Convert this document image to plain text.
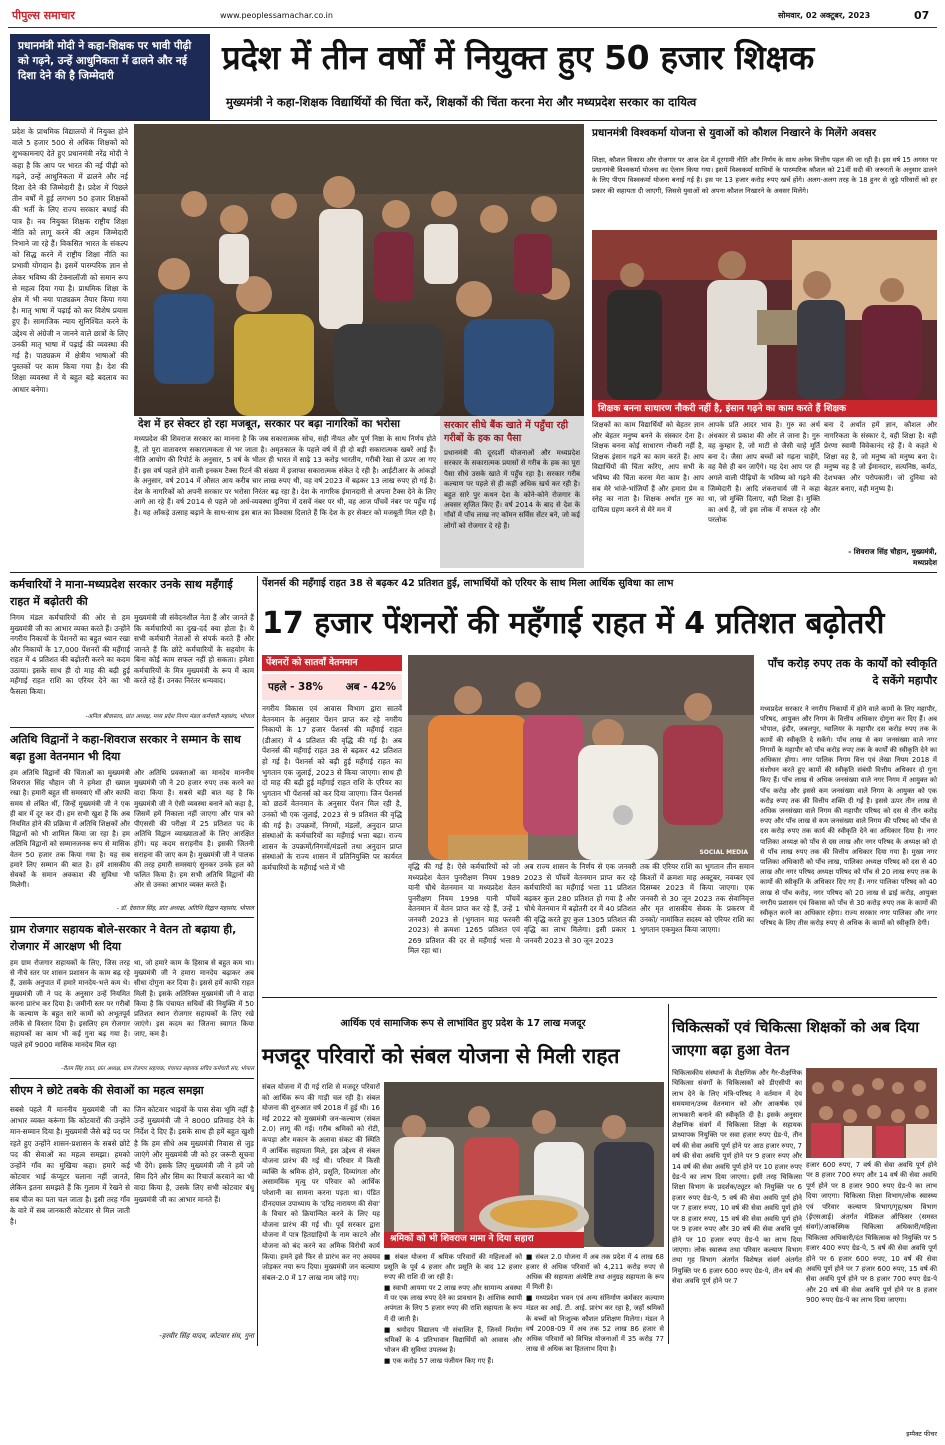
पीपुल्स समाचार	www.peoplessamachar.co.in	सोमवार, 02 अक्टूबर, 2023	07
प्रधानमंत्री मोदी ने कहा-शिक्षक पर भावी पीढ़ी को गढ़ने, उन्हें आधुनिकता में ढालने और नई दिशा देने की है जिम्मेदारी	प्रदेश में तीन वर्षों में नियुक्त हुए 50 हजार शिक्षक
मुख्यमंत्री ने कहा-शिक्षक विद्यार्थियों की चिंता करें, शिक्षकों की चिंता करना मेरा और मध्यप्रदेश सरकार का दायित्व

प्रदेश के प्राथमिक विद्यालयों में नियुक्त होने वाले 5 हजार 500 से अधिक शिक्षकों को शुभकामनाएं देते हुए प्रधानमंत्री नरेंद्र मोदी ने कहा है कि आप पर भारत की नई पीढ़ी को गढ़ने, उन्हें आधुनिकता में ढालने और नई दिशा देने की जिम्मेदारी है। प्रदेश में पिछले तीन वर्षों में हुई लगभग 50 हजार शिक्षकों की भर्ती के लिए राज्य सरकार बधाई की पात्र है। नव नियुक्त शिक्षक राष्ट्रीय शिक्षा नीति को लागू करने की अहम जिम्मेदारी निभाने जा रहे हैं। विकसित भारत के संकल्प को सिद्ध करने में राष्ट्रीय शिक्षा नीति का प्रभावी योगदान है। इसमें पारम्परिक ज्ञान से लेकर भविष्य की टेक्नालॉजी को समान रूप से महत्व दिया गया है। प्राथमिक शिक्षा के क्षेत्र में भी नया पाठ्यक्रम तैयार किया गया है। मातृ भाषा में पढ़ाई को कर विशेष प्रयास हुए हैं। सामाजिक न्याय सुनिश्चित करने के उद्देश्य से अंग्रेजी न जानने वाले छात्रों के लिए उनकी मातृ भाषा में पढ़ाई की व्यवस्था की गई है। पाठ्यक्रम में क्षेत्रीय भाषाओं की पुस्तकों पर काम किया गया है। देश की शिक्षा व्यवस्था में ये बहुत बड़े बदलाव का आधार बनेगा।

देश में हर सेक्टर हो रहा मजबूत, सरकार पर बढ़ा नागरिकों का भरोसा

मध्यप्रदेश की शिवराज सरकार का मानना है कि जब सकारात्मक सोच, सही नीयत और पूर्ण निष्ठा के साथ निर्णय होते हैं, तो पूरा वातावरण सकारात्मकता से भर जाता है। अमृतकाल के पहले वर्ष में ही दो बड़ी सकारात्मक खबरें आई हैं। नीति आयोग की रिपोर्ट के अनुसार, 5 वर्ष के भीतर ही भारत में साढ़े 13 करोड़ भारतीय, गरीबी रेखा से ऊपर आ गए हैं। इस वर्ष पहले होने वाली इनकम टैक्स रिटर्न की संख्या में इजाफा सकारात्मक संकेत दे रही है। आईटीआर के आंकड़ों के अनुसार, वर्ष 2014 में औसत आय करीब चार लाख रुपए थी, वह वर्ष 2023 में बढ़कर 13 लाख रुपए हो गई है। देश के नागरिकों को अपनी सरकार पर भरोसा निरंतर बढ़ रहा है। देश के नागरिक ईमानदारी से अपना टैक्स देने के लिए आगे आ रहे हैं। वर्ष 2014 से पहले जो अर्ध-व्यवस्था दुनिया में दसवें नंबर पर थी, वह आज पाँचवें नंबर पर पहुँच गई है। यह आँकड़े उत्साह बढ़ाने के साथ-साथ इस बात का विश्वास दिलाते हैं कि देश के हर सेक्टर को मजबूती मिल रही है।

सरकार सीधे बैंक खाते में पहुँचा रही गरीबों के हक का पैसा
प्रधानमंत्री की दूरदर्शी योजनाओं और मध्यप्रदेश सरकार के सकारात्मक प्रयासों से गरीब के हक का पूरा पैसा सीधे उसके खाते में पहुँच रहा है। सरकार गरीब कल्याण पर पहले से ही कहीं अधिक खर्च कर रही है। बहुत सारे पुर कथन देश के कोने-कोने रोजगार के अवसर सृजित किए हैं। वर्ष 2014 के बाद से देश के गाँवों में पाँच लाख नए कॉमन सर्विस सेंटर बने, जो कई लोगों को रोजगार दे रहे हैं।
प्रधानमंत्री विश्वकर्मा योजना से युवाओं को कौशल निखारने के मिलेंगे अवसर

शिक्षा, कौशल विकास और रोजगार पर आज देश में दूरगामी नीति और निर्णय के साथ अनेक वित्तीय पहल की जा रही है। इस वर्ष 15 अगस्त पर प्रधानमंत्री विश्वकर्मा योजना का ऐलान किया गया। इसमें विश्वकर्मा साथियों के पारम्परिक कौशल को 21वीं सदी की जरूरतों के अनुसार ढालने के लिए पीएम विश्वकर्मा योजना बनाई गई है। इस पर 13 हजार करोड़ रुपए खर्च होंगे। अलग-अलग तरह के 18 हुनर से जुड़े परिवारों को हर प्रकार की सहायता दी जाएगी, जिससे युवाओं को अपना कौशल निखारने के अवसर मिलेंगे।

शिक्षक बनना साधारण नौकरी नहीं है, इंसान गढ़ने का काम करते हैं शिक्षक

शिक्षकों का काम विद्यार्थियों को बेहतर ज्ञान और बेहतर मनुष्य बनने के संस्कार देना है। शिक्षक बनना कोई साधारण नौकरी नहीं है, शिक्षक इंसान गढ़ने का काम करते हैं। आप विद्यार्थियों की चिंता करिए, आप सभी के भविष्य की चिंता करना मेरा काम है। आप सब मेरे भांजे-भांजियाँ हैं और हमारा प्रेम व स्नेह का नाता है। शिक्षक अर्थात गुरु का दायित्व ग्रहण करने से मेरे मन में

आपके प्रति आदर भाव है। गुरु का अर्थ अंधकार से प्रकाश की ओर ले जाना है। गुरु वह कुम्हार है, जो माटी से जैसी चाहे मूर्ति बना दे। जैसा आप बच्चों को गढ़ना चाहेंगे, वह वैसे ही बन जाएँगे। यह देश आप पर ही अगले वाली पीढ़ियों के भविष्य को गढ़ने की जिम्मेदारी है। आदि शंकराचार्य जी ने कहा था, जो मुक्ति दिलाए, वही शिक्षा है। मुक्ति का अर्थ है, जो इस लोक में सफल रहे और परलोक

बना दे अर्थात हमें ज्ञान, कौशल और नागरिकता के संस्कार दे, वही शिक्षा है। वही प्रेरणा स्वामी विवेकानंद रहे हैं। वे कहते थे शिक्षा वह है, जो मनुष्य को मनुष्य बना दे। मनुष्य वह है जो ईमानदार, सत्यनिष्ठ, कर्मठ, देशभक्त और परोपकारी। जो दुनिया को बेहतर बनाए, वही मनुष्य है।

- शिवराज सिंह चौहान, मुख्यमंत्री, मध्यप्रदेश
कर्मचारियों ने माना-मध्यप्रदेश सरकार उनके साथ महँगाई राहत में बढ़ोतरी की

निगम मंडल कर्मचारियों की ओर से हम मुख्यमंत्री जी का आभार व्यक्त करते हैं। उन्होंने नगरीय निकायों के पेंशनरों का बहुत ध्यान रखा और निकायों के 17,000 पेंशनरों की महँगाई राहत में 4 प्रतिशत की बढ़ोतरी करने का कदम उठाया। इसके साथ ही दो माह की बढ़ी हुई महँगाई राहत राशि का एरियर देने का भी फैसला किया।

मुख्यमंत्री जी संवेदनशील नेता हैं और जानते हैं कि कर्मचारियों का दुख-दर्द क्या होता है। ये सभी कर्मचारी नेताओं से संपर्क करते हैं और जानते हैं कि छोटे कर्मचारियों के सहयोग के बिना कोई काम सफल नहीं हो सकता। हमेशा कर्मचारियों के मित्र मुख्यमंत्री के रूप में काम करते रहे हैं। उनका निरंतर धन्यवाद।

-अनिल श्रीवास्तव, प्रांत अध्यक्ष, मध्य प्रदेश निगम मंडल कर्मचारी महासंघ, भोपाल
अतिथि विद्वानों ने कहा-शिवराज सरकार ने सम्मान के साथ बढ़ा हुआ वेतनमान भी दिया

हम अतिथि विद्वानों की चिंताओं का मुख्यमंत्री शिवराज सिंह चौहान जी ने हमेशा ही ख्याल रखा है। हमारी बहुत सी समस्याएं थीं और काफी समय से लंबित थीं, जिन्हें मुख्यमंत्री जी ने एक ही बार में दूर कर दी। हम सभी खुश हैं कि अब नियमित होने की प्रक्रिया में अतिथि शिक्षकों और विद्वानों को भी शामिल किया जा रहा है। हम अतिथि विद्वानों को सम्मानजनक रूप से मासिक वेतन 50 हजार तक किया गया है। यह सब हमारे लिए सम्मान की बात है। हमें शासकीय सेवकों के समान अवकाश की सुविधा भी मिलेगी।

और अतिथि प्रवक्ताओं का मानदेय माननीय मुख्यमंत्री जी ने 20 हजार रुपए तक करने का वादा किया है। सबसे बड़ी बात यह है कि मुख्यमंत्री जी ने ऐसी व्यवस्था बनाने को कहा है, जिसमें हमें निकाला नहीं जाएगा और पात्र को पीएससी की परीक्षा में 25 प्रतिशत पद के अतिथि विद्वान व्याख्याताओं के लिए आरक्षित होंगे। यह कदम सराहनीय है। इसकी जितनी सराहना की जाए कम है। मुख्यमंत्री जी ने पालक की तरह हमारी समस्याएं सुनकर उनके हल को फलित किया है। हम सभी अतिथि विद्वानों की ओर से उनका आभार व्यक्त करते हैं।

- डॉ. देवराज सिंह, प्रांत अध्यक्ष, अतिथि विद्वान महासंघ, भोपाल
ग्राम रोजगार सहायक बोले-सरकार ने वेतन तो बढ़ाया ही, रोजगार में आरक्षण भी दिया

हम ग्राम रोजगार सहायकों के लिए, जिस तरह से नीचे स्तर पर शासन प्रशासन के काम बढ़ रहे हैं, उसके अनुपात में हमारे मानदेय-भत्ते कम थे। मुख्यमंत्री जी ने पद के अनुसार उन्हें नियमित करना प्रारंभ कर दिया है। जमीनी स्तर पर गरीबों के कल्याण के बहुत सारे कामों को अभूतपूर्व तरीके से विस्तार दिया है। इसलिए हम रोजगार सहायकों का काम भी कई गुना बढ़ गया है। पहले हमें 9000 मासिक मानदेय मिल रहा

था, जो हमारे काम के हिसाब से बहुत कम था। मुख्यमंत्री जी ने हमारा मानदेय बढ़ाकर अब सीधा दोगुना कर दिया है। इससे हमें काफी राहत मिली है। इसके अतिरिक्त मुख्यमंत्री जी ने वादा किया है कि पंचायत सचिवों की नियुक्ति में 50 प्रतिशत स्थान रोजगार सहायकों के लिए रखे जाएंगे। इस कदम का जितना स्वागत किया जाए, कम है।

-रीतम सिंह रावत, प्रांत अध्यक्ष, ग्राम रोजगार सहायक, पंचायत सहायक सचिव कर्मचारी संघ, भोपाल
सीएम ने छोटे तबके की सेवाओं का महत्व समझा

सबसे पहले मैं माननीय मुख्यमंत्री जी का आभार व्यक्त करूंगा कि कोटवारों की उन्होंने मान-सम्मान दिया है। मुख्यमंत्री जैसे बड़े पद पर रहते हुए उन्होंने शासन-प्रशासन के सबसे छोटे पद की सेवाओं का महत्व समझा। हमको उन्होंने गाँव का मुखिया कहा। हमारे कई कोटवार भाई कंप्यूटर चलाना नहीं जानते, लेकिन इतना समझते हैं कि गुलाम में रेखने से सब चीज का पता चल जाता है। इसी तरह गाँव के वारे में सब जानकारी कोटवार से मिल जाती है।

जिन कोटवार भाइयों के पास सेवा भूमि नहीं है उन्हें मुख्यमंत्री जी ने 8000 प्रतिमाह देने के निर्देश दे दिए हैं। इसके साथ ही हमें बहुत खुशी है कि हम सीधे अब मुख्यमंत्री निवास से जुड़ जाएंगे और मुख्यमंत्री जी को हर जरूरी सूचना भी देंगे। इसके लिए मुख्यमंत्री जी ने हमें जो सिम दिने और सिम का रिचार्ज करवाने का भी वादा किया है, उसके लिए सभी कोटवार बंधु मुख्यमंत्री जी का आभार मानते हैं।

-हरवीर सिंह यादव, कोटवार संघ, गुना
पेंशनर्स की महँगाई राहत 38 से बढ़कर 42 प्रतिशत हुई, लाभार्थियों को एरियर के साथ मिला आर्थिक सुविधा का लाभ
17 हजार पेंशनरों की महँगाई राहत में 4 प्रतिशत बढ़ोतरी
पेंशनरों को सातवाँ वेतनमान
पहले - 38% अब - 42%

नगरीय विकास एवं आवास विभाग द्वारा सातवें वेतनमान के अनुसार पेंशन प्राप्त कर रहे नगरीय निकायों के 17 हजार पेंशनर्स की महँगाई राहत (डीआर) में 4 प्रतिशत की वृद्धि की गई है। अब पेंशनर्स की महँगाई राहत 38 से बढ़कर 42 प्रतिशत हो गई है। पेंशनर्स को बढ़ी हुई महँगाई राहत का भुगतान एक जुलाई, 2023 से किया जाएगा। साथ ही दो माह की बढ़ी हुई महँगाई राहत राशि के एरियर का भुगतान भी पेंशनर्स को कर दिया जाएगा। जिन पेंशनर्स को छठवें वेतनमान के अनुसार पेंशन मिल रही है, उनको भी एक जुलाई, 2023 से 9 प्रतिशत की वृद्धि की गई है। उपक्रमों, निगमों, मंडलों, अनुदान प्राप्त संस्थाओं के कर्मचारियों का महँगाई भत्ता बढ़ा। राज्य शासन के उपक्रमों/निगमों/मंडलों तथा अनुदान प्राप्त संस्थाओं के राज्य शासन में प्रतिनियुक्ति पर कार्यरत कर्मचारियों के महँगाई भत्ते में भी

SOCIAL MEDIA

वृद्धि की गई है। ऐसे कर्मचारियों को जो मध्यप्रदेश वेतन पुनरीक्षण नियम 1989 यानी चौथे वेतनमान या मध्यप्रदेश वेतन पुनरीक्षण नियम 1998 यानी पाँचवें वेतनमान में वेतन प्राप्त कर रहे हैं, उन्हें 1 जनवरी 2023 से (भुगतान माह फरवरी 2023) से क्रमशः 1265 प्रतिशत एवं 269 प्रतिशत की दर से महँगाई भत्ता मे मिल रहा था।

अब राज्य शासन के निर्णय से एक जनवरी 2023 से पाँचवें वेतनमान प्राप्त कर रहे कर्मचारियों का महँगाई भत्ता 11 प्रतिशत बढ़कर कुल 280 प्रतिशत हो गया है और चौथे वेतनमान में बढ़ोतरी दर में 40 प्रतिशत की वृद्धि करते हुए कुल 1305 प्रतिशत की वृद्धि का लाभ मिलेगा। इसी प्रकार 1 जनवरी 2023 से 30 जून 2023

तक की एरियर राशि का भुगतान तीन समान किश्तों में क्रमशः माह अक्टूबर, नवम्बर एवं दिसम्बर 2023 में किया जाएगा। एक जनवरी से 30 जून 2023 तक सेवानिवृत्त और मृत शासकीय सेवक के प्रकरण में उनको/ नामांकित सदस्य को एरियर राशि का भुगतान एकमुश्त किया जाएगा।

पाँच करोड़ रुपए तक के कार्यों को स्वीकृति दे सकेंगे महापौर

मध्यप्रदेश सरकार ने नगरीय निकायों में होने वाले कामों के लिए महापौर, परिषद, आयुक्त और निगम के वित्तीय अधिकार दोगुना कर दिए हैं। अब भोपाल, इंदौर, जबलपुर, ग्वालियर के महापौर दस करोड़ रुपए तक के कामों की स्वीकृति दे सकेंगे। पाँच लाख से कम जनसंख्या वाले नगर निगमों के महापौर को पाँच करोड़ रुपए तक के कार्यों की स्वीकृति देने का अधिकार होगा। नगर पालिक निगम वित्त एवं लेखा नियम 2018 में संशोधन करते हुए कामों की स्वीकृति संबंधी वित्तीय अधिकार दो गुना किए हैं। पाँच लाख से अधिक जनसंख्या वाले नगर निगम में आयुक्त को पाँच करोड़ और इससे कम जनसंख्या वाले निगम के आयुक्त को एक करोड़ रुपए तक की वित्तीय शक्ति दी गई है। इससे ऊपर तीन लाख से अधिक जनसंख्या वाले निगम की महापौर परिषद को दस से तीन करोड़ रुपए और पाँच लाख से कम जनसंख्या वाले निगम की परिषद को पाँच से दस करोड़ रुपए तक कार्य की स्वीकृति देने का अधिकार दिया है। नगर पालिका अध्यक्ष को पाँच से दस लाख और नगर परिषद के अध्यक्ष को दो से पाँच लाख रुपए तक की वित्तीय अधिकार दिया गया है। मुख्य नगर पालिका अधिकारी को पाँच लाख, पालिका अध्यक्ष परिषद को दस से 40 लाख और नगर परिषद अध्यक्ष परिषद को पाँच से 20 लाख रुपए तक के कामों की स्वीकृति के अधिकार दिए गए हैं। नगर पालिका परिषद को 40 लाख से पाँच करोड़, नगर परिषद को 20 लाख से ढाई करोड़, आयुक्त नगरीय प्रशासन एवं विकास को पाँच से 30 करोड़ रुपए तक के कामों की स्वीकृत करने का अधिकार रहेगा। राज्य सरकार नगर पालिका और नगर परिषद के लिए तीस करोड़ रुपए से अधिक के कामों को स्वीकृति देगी।

आर्थिक एवं सामाजिक रूप से लाभांवित हुए प्रदेश के 17 लाख मजदूर
मजदूर परिवारों को संबल योजना से मिली राहत

संबल योजना में दी गई राशि से मजदूर परिवारों को आर्थिक रूप की गाड़ी चल रही है। संबल योजना की शुरुआत वर्ष 2018 में हुई थी। 16 मई 2022 को मुख्यमंत्री जन-कल्याण (संबल 2.0) लागू की गई। गरीब श्रमिकों को रोटी, कपड़ा और मकान के अलावा संकट की स्थिति में आर्थिक सहायता मिले, इस उद्देश्य से संबल योजना प्रारंभ की गई थी। परिवार में किसी व्यक्ति के श्रमिक होने, प्रसूति, दिव्यांगता और असामयिक मृत्यु पर परिवार को आर्थिक परेशानी का सामना करना पड़ता था। पंडित दीनदयाल उपाध्याय के 'दरिद्र नारायण की सेवा' के विचार को क्रियान्वित करने के लिए यह योजना प्रारंभ की गई थी। पूर्व सरकार द्वारा योजना में पात्र हितग्राहियों के नाम काटने और योजना को बंद करने का अमिक विरोधी कार्य किया। हमने इसे फिर से प्रारंभ कर नए अवयव जोड़कर नया रूप दिया। मुख्यमंत्री जन कल्याण संबल-2.0 में 17 लाख नाम जोड़े गए।

श्रमिकों को भी शिवराज मामा ने दिया सहारा

■ संबल योजना में श्रमिक परिवारों की महिलाओं को प्रसूति के पूर्व 4 हजार और प्रसूति के बाद 12 हजार रुपए की राशि दी जा रही है।

■ स्वाभी आयमा पर 2 लाख रुपए और सामान्य अवस्था में पर एक लाख रुपए देने का प्रावधान है। आंशिक स्थायी अपंगता के लिए 5 हजार रुपए की राशि सहायता के रूप में दी जाती है।

■ श्रमोदय विद्यालय भी संचालित हैं, जिनमें निर्माण श्रमिकों के 4 प्रतिभावान विद्यार्थियों को आवास और भोजन की सुविधा उपलब्ध है।

■ एक करोड़ 57 लाख पंजीयन किए गए हैं।

■ संबल 2.0 योजना में अब तक प्रदेश में 4 लाख 68 हजार से अधिक परिवारों को 4,211 करोड़ रुपए से अधिक की सहायता अंत्येष्टि तथा अनुग्रह सहायता के रूप में मिली है।

■ मध्यप्रदेश भवन एवं अन्य संनिर्माण कर्मकार कल्याण मंडल का आई. टी. आई. प्रारंभ कर रहा है, जहाँ श्रमिकों के बच्चों को निःशुल्क कौशल प्रशिक्षण मिलेगा। मंडल ने वर्ष 2008-09 में अब तक 52 लाख 86 हजार से अधिक परिवारों को विभिन्न योजनाओं में 35 करोड़ 77 लाख से अधिक का हितलाभ दिया है।

चिकित्सकों एवं चिकित्सा शिक्षकों को अब दिया जाएगा बढ़ा हुआ वेतन

चिकित्सकीय संस्थानों के शैक्षणिक और गैर-शैक्षणिक चिकित्सा संवर्गों के चिकित्सकों को डीएसीपी का लाभ देने के लिए मंत्रि-परिषद ने वर्तमान में देय समयमान/उच्च वेतनमान को और आकर्षक एवं लाभकारी बनाने की स्वीकृति दी है। इसके अनुसार शैक्षणिक संवर्ग में चिकित्सा शिक्षा के सहायक प्राध्यापक नियुक्ति पर सवा हजार रुपए ग्रेड-पे, तीन वर्ष की सेवा अवधि पूर्ण होने पर आठ हजार रुपए, 7 वर्ष की सेवा अवधि पूर्ण होने पर 9 हजार रुपए और 14 वर्ष की सेवा अवधि पूर्ण होने पर 10 हजार रुपए ग्रेड-पे का लाभ दिया जाएगा। इसी तरह चिकित्सा शिक्षा विभाग के प्रदर्शक/ट्यूटर को नियुक्ति पर 6 हजार रुपए ग्रेड-पे, 5 वर्ष की सेवा अवधि पूर्ण होने पर 7 हजार रुपए, 10 वर्ष की सेवा अवधि पूर्ण होने पर 8 हजार रुपए, 15 वर्ष की सेवा अवधि पूर्ण होने पर 9 हजार रुपए और 30 वर्ष की सेवा अवधि पूर्ण होने पर 10 हजार रुपए ग्रेड-पे का लाभ दिया जाएगा। लोक स्वास्थ्य तथा परिवार कल्याण विभाग तथा गृह विभाग अंतर्गत विशेषज्ञ संवर्ग अंतर्गत नियुक्ति पर 6 हजार 600 रुपए ग्रेड-पे, तीन वर्ष की सेवा अवधि पूर्ण होने पर 7

हजार 600 रुपए, 7 वर्ष की सेवा अवधि पूर्ण होने पर 8 हजार 700 रुपए और 14 वर्ष की सेवा अवधि पूर्ण होने पर 8 हजार 900 रुपए ग्रेड-पे का लाभ दिया जाएगा। चिकित्सा शिक्षा विभाग/लोक स्वास्थ्य एवं परिवार कल्याण विभाग/गृह/श्रम विभाग (ईएसआई) अंतर्गत मेडिकल ऑफिसर (समस्त संवर्ग)/आकस्मिक चिकित्सा अधिकारी/महिला चिकित्सा अधिकारी/दंत चिकित्सक को नियुक्ति पर 5 हजार 400 रुपए ग्रेड-पे, 5 वर्ष की सेवा अवधि पूर्ण होने पर 6 हजार 600 रुपए, 10 वर्ष की सेवा अवधि पूर्ण होने पर 7 हजार 600 रुपए, 15 वर्ष की सेवा अवधि पूर्ण होने पर 8 हजार 700 रुपए ग्रेड-पे और 20 वर्ष की सेवा अवधि पूर्ण होने पर 8 हजार 900 रुपए ग्रेड-पे का लाभ दिया जाएगा।

इम्पैक्ट फीचर
